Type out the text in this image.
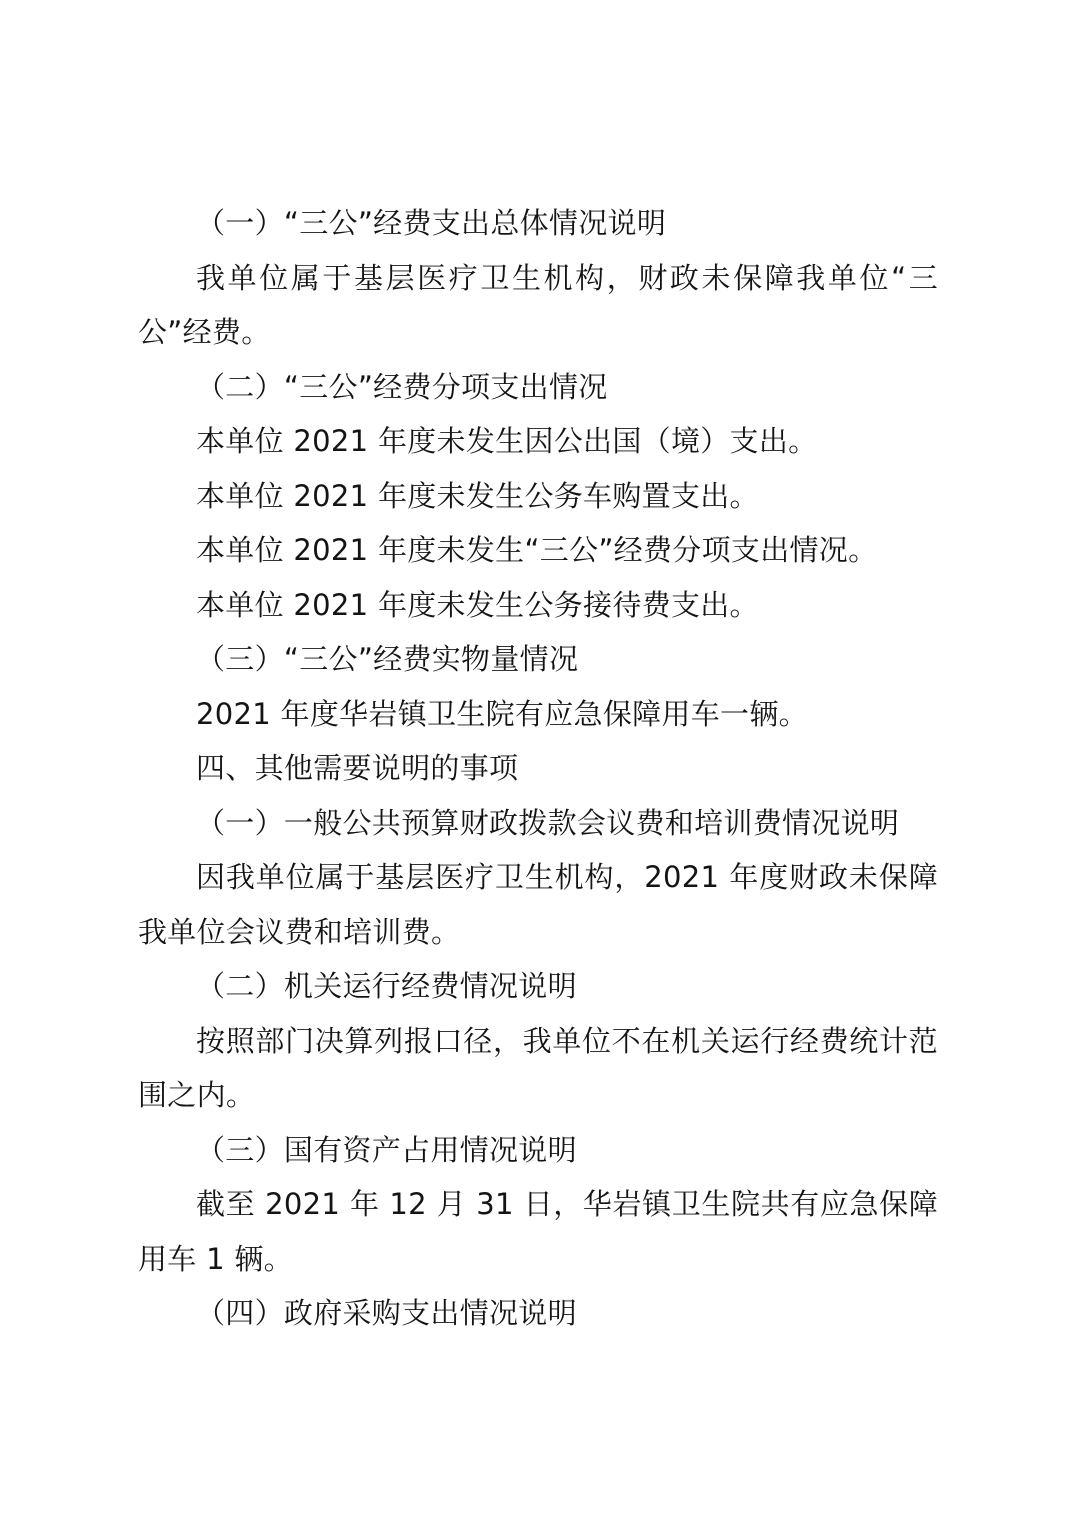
（一）“三公”经费支出总体情况说明

我单位属于基层医疗卫生机构，财政未保障我单位“三公”经费。

（二）“三公”经费分项支出情况

本单位 2021 年度未发生因公出国（境）支出。

本单位 2021 年度未发生公务车购置支出。

本单位 2021 年度未发生“三公”经费分项支出情况。

本单位 2021 年度未发生公务接待费支出。

（三）“三公”经费实物量情况

2021 年度华岩镇卫生院有应急保障用车一辆。

四、其他需要说明的事项

（一）一般公共预算财政拨款会议费和培训费情况说明

因我单位属于基层医疗卫生机构，2021 年度财政未保障我单位会议费和培训费。

（二）机关运行经费情况说明

按照部门决算列报口径，我单位不在机关运行经费统计范围之内。

（三）国有资产占用情况说明

截至 2021 年 12 月 31 日，华岩镇卫生院共有应急保障用车 1 辆。

（四）政府采购支出情况说明
